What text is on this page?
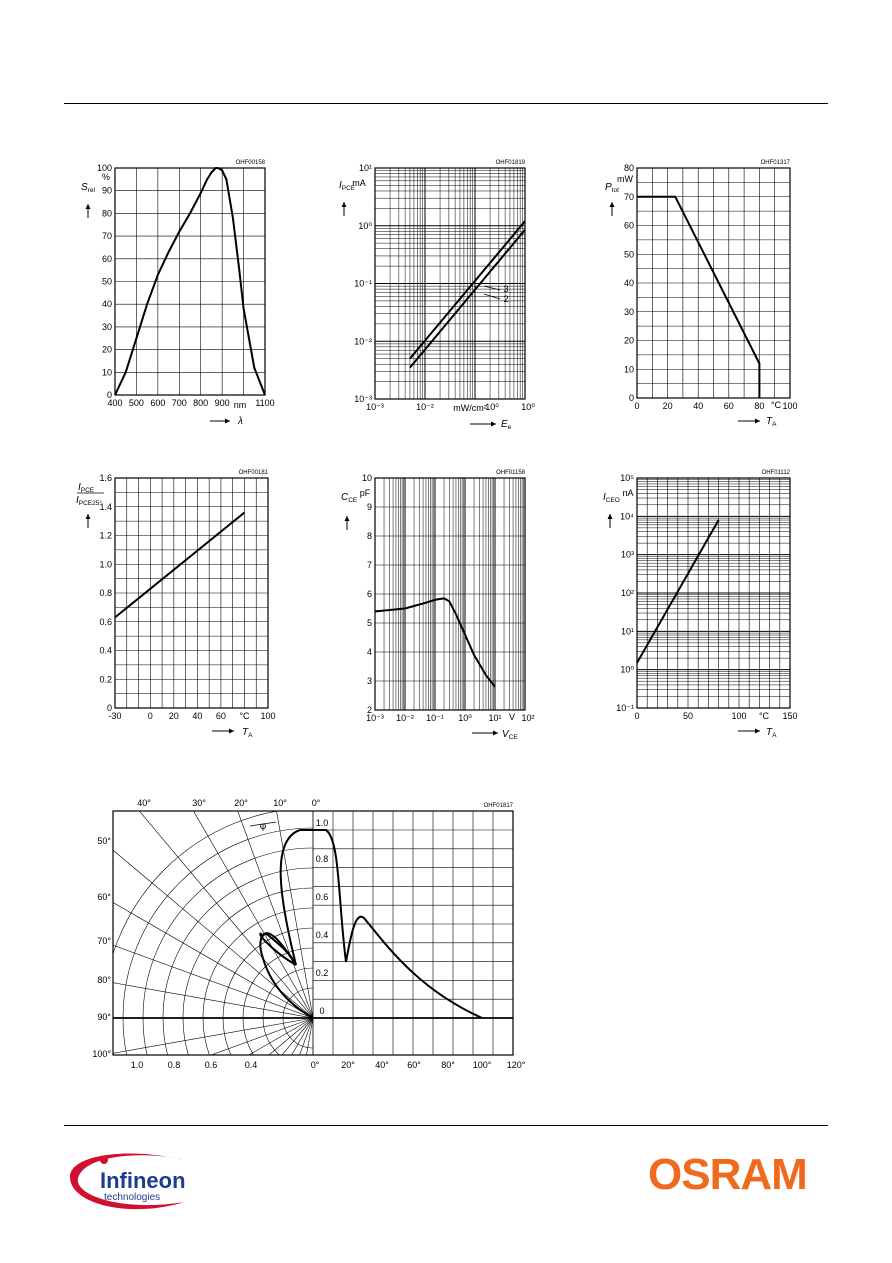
OHF00158
0
10
20
30
40
50
60
70
80
90
100
400 500 600 700 800 900	1100
nm
$S_{rel}$
%
λ
OHF01819
10⁻³
10⁻²
10⁻¹
10⁰
10¹
10⁻³	10⁻²	10⁰ 10⁰
$I_{PCE}$
mA
mW/cm²
$E_e$
3
2
OHF01317
0
10
20
30
40
50
60
70
80
0	20 40 60 80 100
$P_{tot}$
mW
$T_A$
°C
OHF00181
0
0.2
0.4
0.6
0.8
1.0
1.2
1.4
1.6
-30	0 20 40 60 °C 100
$I_{PCE}$
$I_{PCE25^\circ}$
$T_A$
OHF01158
2
3
4
5
6
7
8
9
10
10⁻³ 10⁻² 10⁻¹ 10⁰ 10¹ 10²
$C_{CE}$
pF
V
$V_{CE}$
OHF01112
10⁻¹
10⁰
10¹
10²
10³
10⁴
10⁵
0	50	100 °C 150
$I_{CEO}$
nA
$T_A$
OHF01817
40°	30°	20°	10°	0°
50°
60°
70°
80°
90°
100°
1.0
0.8
0.6
0.4
0.2
0
1.0	0.8	0.6	0.4	0° 20° 40° 60° 80° 100° 120°
φ
Infineon
technologies	OSRAM
